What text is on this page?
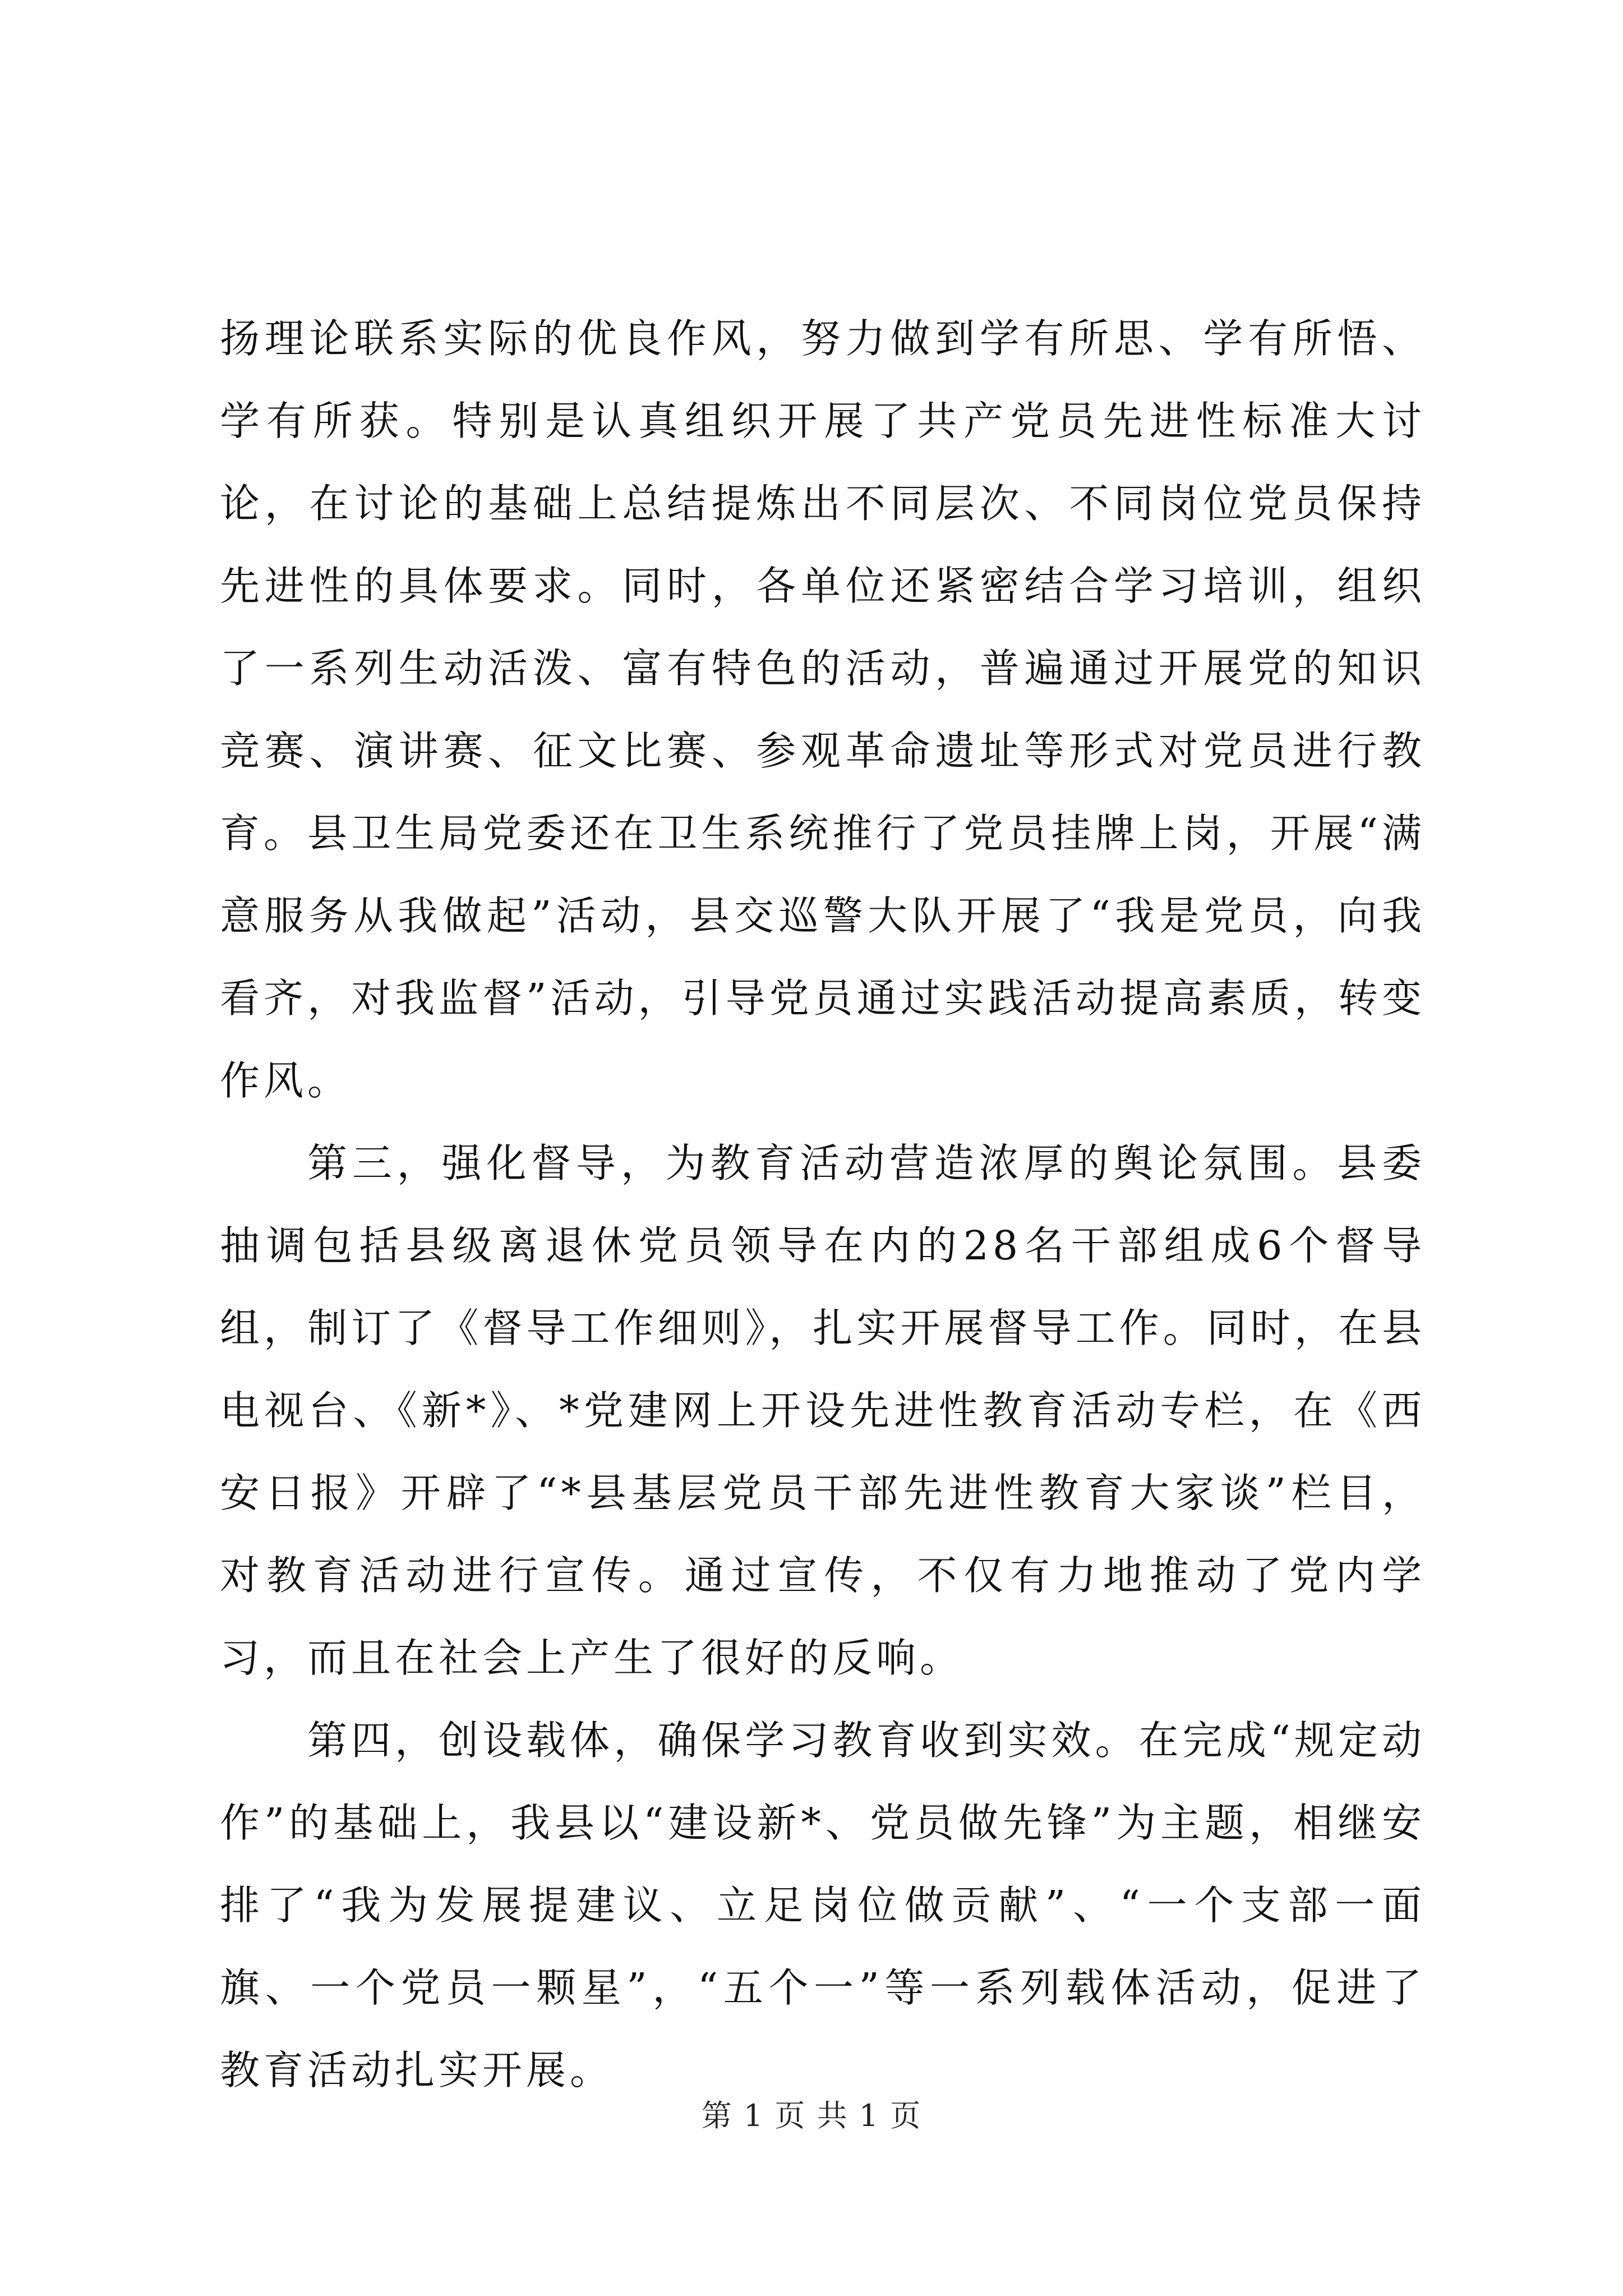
扬理论联系实际的优良作风，努力做到学有所思、学有所悟、学有所获。特别是认真组织开展了共产党员先进性标准大讨论，在讨论的基础上总结提炼出不同层次、不同岗位党员保持先进性的具体要求。同时，各单位还紧密结合学习培训，组织了一系列生动活泼、富有特色的活动，普遍通过开展党的知识竞赛、演讲赛、征文比赛、参观革命遗址等形式对党员进行教育。县卫生局党委还在卫生系统推行了党员挂牌上岗，开展“满意服务从我做起”活动，县交巡警大队开展了“我是党员，向我看齐，对我监督”活动，引导党员通过实践活动提高素质，转变作风。

第三，强化督导，为教育活动营造浓厚的舆论氛围。县委抽调包括县级离退休党员领导在内的28名干部组成6个督导组，制订了《督导工作细则》，扎实开展督导工作。同时，在县电视台、《新*》、*党建网上开设先进性教育活动专栏，在《西安日报》开辟了“*县基层党员干部先进性教育大家谈”栏目，对教育活动进行宣传。通过宣传，不仅有力地推动了党内学习，而且在社会上产生了很好的反响。

第四，创设载体，确保学习教育收到实效。在完成“规定动作”的基础上，我县以“建设新*、党员做先锋”为主题，相继安排了“我为发展提建议、立足岗位做贡献”、“一个支部一面旗、一个党员一颗星”，“五个一”等一系列载体活动，促进了教育活动扎实开展。

第 1 页 共 1 页
